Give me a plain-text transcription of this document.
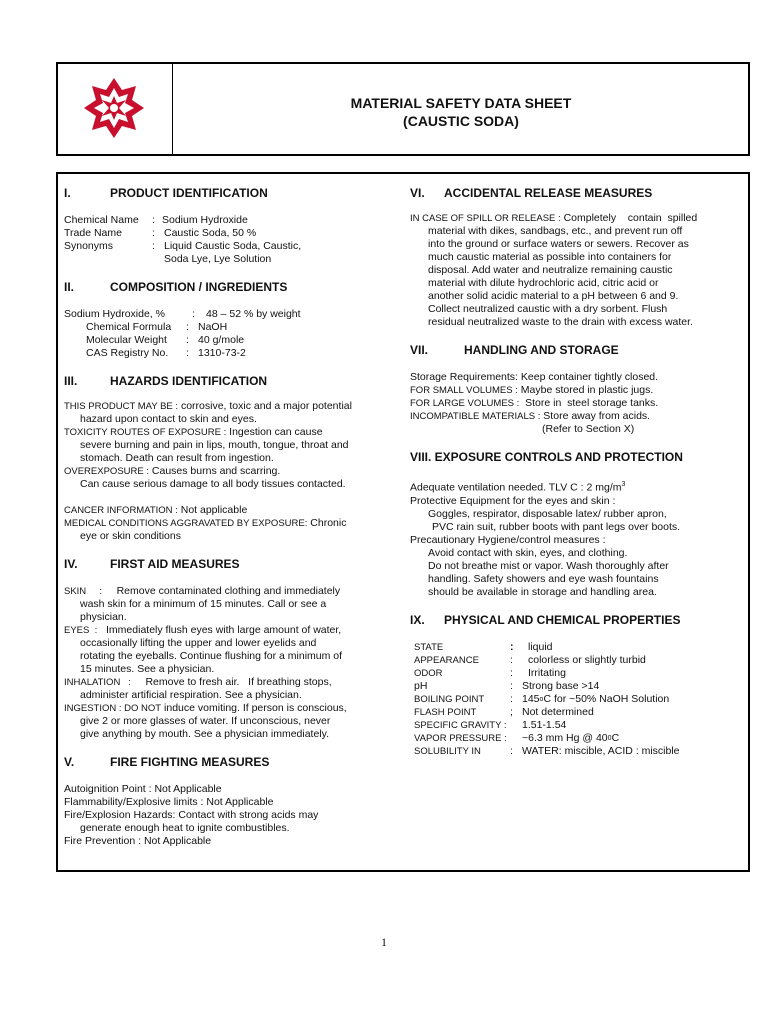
MATERIAL SAFETY DATA SHEET
(CAUSTIC SODA)
I.	PRODUCT IDENTIFICATION
Chemical Name	: Sodium Hydroxide
Trade Name	: Caustic Soda, 50 %
Synonyms	: Liquid Caustic Soda, Caustic,
Soda Lye, Lye Solution
II.	COMPOSITION / INGREDIENTS
Sodium Hydroxide, %	:	48 – 52 % by weight
Chemical Formula	: NaOH
Molecular Weight	: 40 g/mole
CAS Registry No.	: 1310-73-2
III.	HAZARDS IDENTIFICATION
THIS PRODUCT MAY BE : corrosive, toxic and a major potential
hazard upon contact to skin and eyes.
TOXICITY ROUTES OF EXPOSURE : Ingestion can cause
severe burning and pain in lips, mouth, tongue, throat and
stomach. Death can result from ingestion.
OVEREXPOSURE : Causes burns and scarring.
Can cause serious damage to all body tissues contacted.
CANCER INFORMATION : Not applicable
MEDICAL CONDITIONS AGGRAVATED BY EXPOSURE: Chronic
eye or skin conditions
IV.	FIRST AID MEASURES
SKIN     :     Remove contaminated clothing and immediately
wash skin for a minimum of 15 minutes. Call or see a
physician.
EYES  :   Immediately flush eyes with large amount of water,
occasionally lifting the upper and lower eyelids and
rotating the eyeballs. Continue flushing for a minimum of
15 minutes. See a physician.
INHALATION   :     Remove to fresh air.   If breathing stops,
administer artificial respiration. See a physician.
INGESTION : DO NOT induce vomiting. If person is conscious,
give 2 or more glasses of water. If unconscious, never
give anything by mouth. See a physician immediately.
V.	FIRE FIGHTING MEASURES
Autoignition Point : Not Applicable
Flammability/Explosive limits : Not Applicable
Fire/Explosion Hazards: Contact with strong acids may
generate enough heat to ignite combustibles.
Fire Prevention : Not Applicable
VI.	ACCIDENTAL RELEASE MEASURES
IN CASE OF SPILL OR RELEASE : Completely    contain  spilled
material with dikes, sandbags, etc., and prevent run off
into the ground or surface waters or sewers. Recover as
much caustic material as possible into containers for
disposal. Add water and neutralize remaining caustic
material with dilute hydrochloric acid, citric acid or
another solid acidic material to a pH between 6 and 9.
Collect neutralized caustic with a dry sorbent. Flush
residual neutralized waste to the drain with excess water.
VII.	HANDLING AND STORAGE
Storage Requirements: Keep container tightly closed.
FOR SMALL VOLUMES : Maybe stored in plastic jugs.
FOR LARGE VOLUMES :  Store in  steel storage tanks.
INCOMPATIBLE MATERIALS : Store away from acids.
(Refer to Section X)
VIII. EXPOSURE CONTROLS AND PROTECTION
Adequate ventilation needed. TLV C : 2 $mg/m^3$
Protective Equipment for the eyes and skin :
Goggles, respirator, disposable latex/ rubber apron,
PVC rain suit, rubber boots with pant legs over boots.
Precautionary Hygiene/control measures :
Avoid contact with skin, eyes, and clothing.
Do not breathe mist or vapor. Wash thoroughly after
handling. Safety showers and eye wash fountains
should be available in storage and handling area.
IX.	PHYSICAL AND CHEMICAL PROPERTIES
STATE	:	liquid
APPEARANCE	:	colorless or slightly turbid
ODOR	:	Irritating
pH	: Strong base >14
BOILING POINT	: 145 o C for ~50% NaOH Solution
FLASH POINT	; Not determined
SPECIFIC GRAVITY :	1.51-1.54
VAPOR PRESSURE :	~6.3 mm Hg @ 40 0 C
SOLUBILITY IN	: WATER: miscible, ACID : miscible
1
